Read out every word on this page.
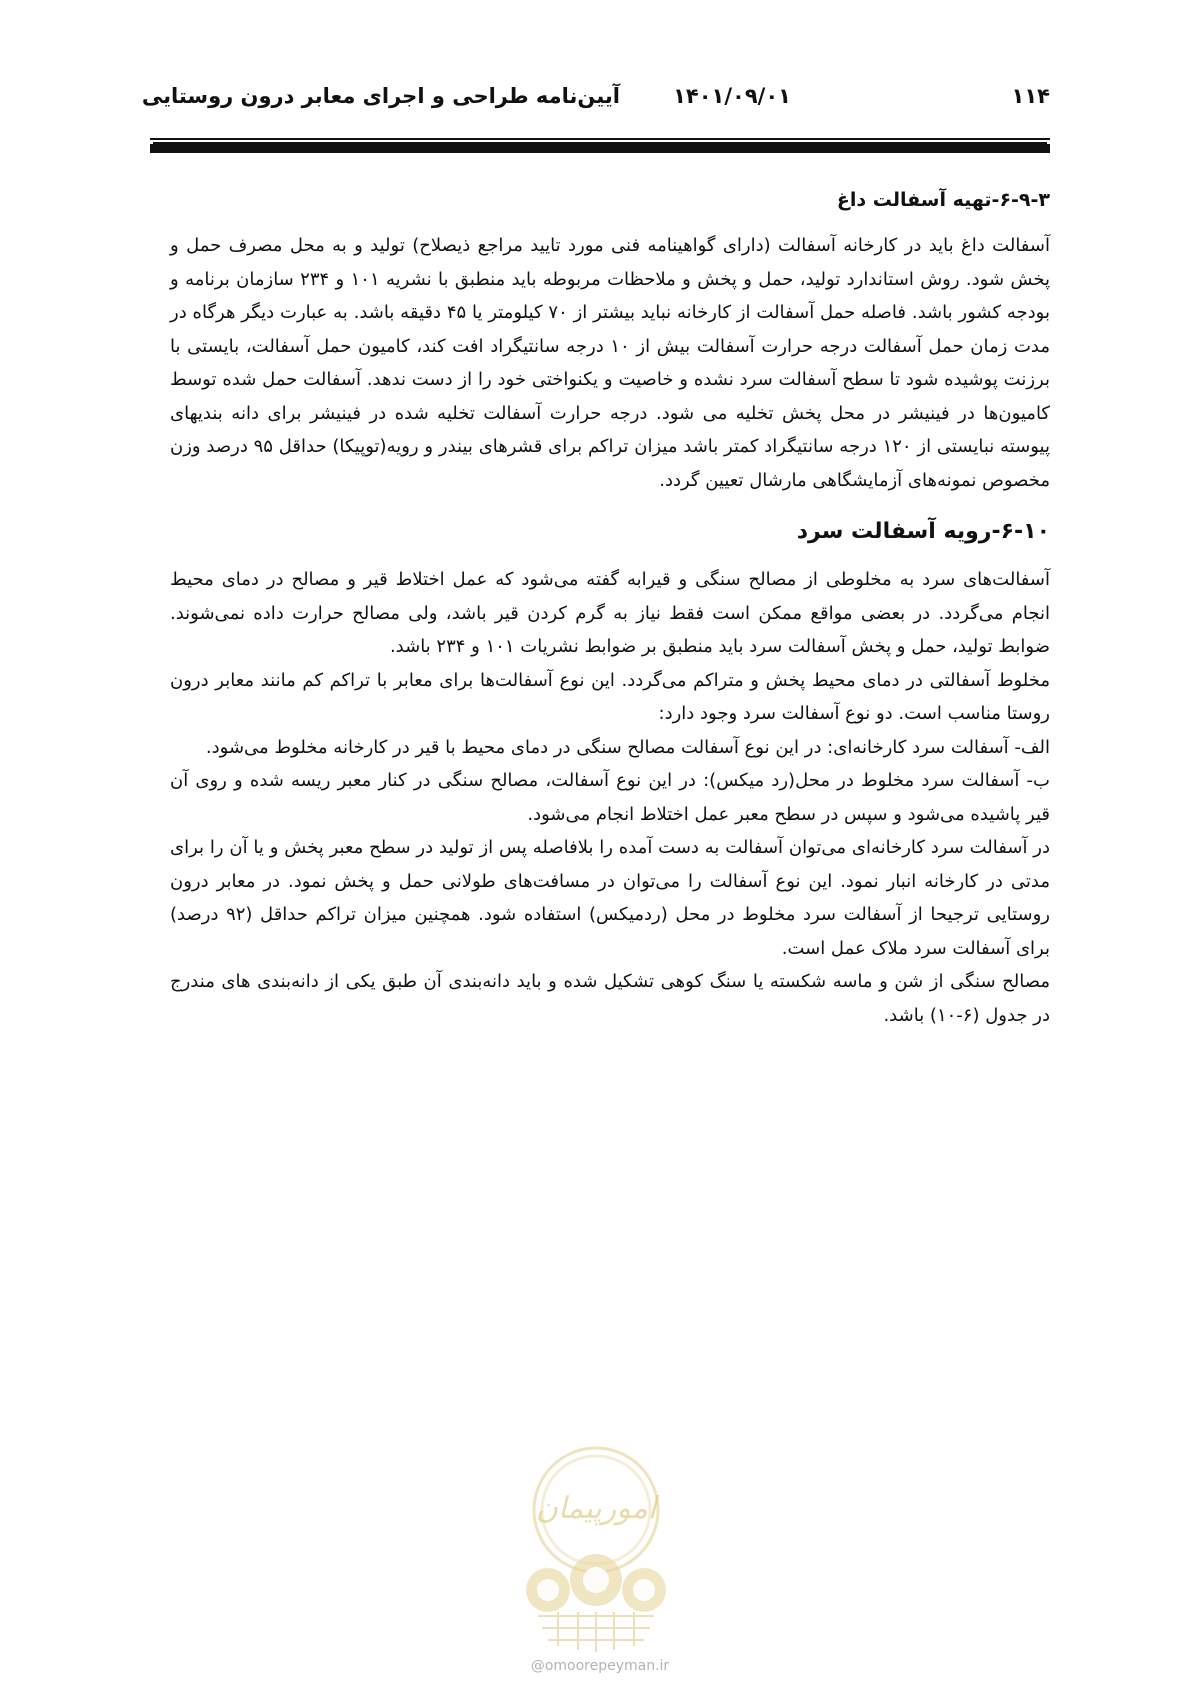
آیین‌نامه طراحی و اجرای معابر درون روستایی	۱۴۰۱/۰۹/۰۱	۱۱۴
۶-۹-۳-تهیه آسفالت داغ

آسفالت داغ باید در کارخانه آسفالت (دارای گواهینامه فنی مورد تایید مراجع ذیصلاح) تولید و به محل مصرف حمل و پخش شود. روش استاندارد تولید، حمل و پخش و ملاحظات مربوطه باید منطبق با نشریه ۱۰۱ و ۲۳۴ سازمان برنامه و بودجه کشور باشد. فاصله حمل آسفالت از کارخانه نباید بیشتر از ۷۰ کیلومتر یا ۴۵ دقیقه باشد. به عبارت دیگر هرگاه در مدت زمان حمل آسفالت درجه حرارت آسفالت بیش از ۱۰ درجه سانتیگراد افت کند، کامیون حمل آسفالت، بایستی با برزنت پوشیده شود تا سطح آسفالت سرد نشده و خاصیت و یکنواختی خود را از دست ندهد. آسفالت حمل شده توسط کامیون‌ها در فینیشر در محل پخش تخلیه می شود. درجه حرارت آسفالت تخلیه شده در فینیشر برای دانه بندیهای پیوسته نبایستی از ۱۲۰ درجه سانتیگراد کمتر باشد میزان تراکم برای قشرهای بیندر و رویه(توپیکا) حداقل ۹۵ درصد وزن مخصوص نمونه‌های آزمایشگاهی مارشال تعیین گردد.

۶-۱۰-رویه آسفالت سرد

آسفالت‌های سرد به مخلوطی از مصالح سنگی و قیرابه گفته می‌شود که عمل اختلاط قیر و مصالح در دمای محیط انجام می‌گردد. در بعضی مواقع ممکن است فقط نیاز به گرم کردن قیر باشد، ولی مصالح حرارت داده نمی‌شوند. ضوابط تولید، حمل و پخش آسفالت سرد باید منطبق بر ضوابط نشریات ۱۰۱ و ۲۳۴ باشد.

مخلوط آسفالتی در دمای محیط پخش و متراکم می‌گردد. این نوع آسفالت‌ها برای معابر با تراکم کم مانند معابر درون روستا مناسب است. دو نوع آسفالت سرد وجود دارد:

الف- آسفالت سرد کارخانه‌ای: در این نوع آسفالت مصالح سنگی در دمای محیط با قیر در کارخانه مخلوط می‌شود.

ب- آسفالت سرد مخلوط در محل(رد میکس): در این نوع آسفالت، مصالح سنگی در کنار معبر ریسه شده و روی آن قیر پاشیده می‌شود و سپس در سطح معبر عمل اختلاط انجام می‌شود.

در آسفالت سرد کارخانه‌ای می‌توان آسفالت به دست آمده را بلافاصله پس از تولید در سطح معبر پخش و یا آن را برای مدتی در کارخانه انبار نمود. این نوع آسفالت را می‌توان در مسافت‌های طولانی حمل و پخش نمود. در معابر درون روستایی ترجیحا از آسفالت سرد مخلوط در محل (ردمیکس) استفاده شود. همچنین میزان تراکم حداقل (۹۲ درصد) برای آسفالت سرد ملاک عمل است.

مصالح سنگی از شن و ماسه شکسته یا سنگ کوهی تشکیل شده و باید دانه‌بندی آن طبق یکی از دانه‌بندی های مندرج در جدول (۶-۱۰) باشد.

امورپیمان
@omoorepeyman.ir
